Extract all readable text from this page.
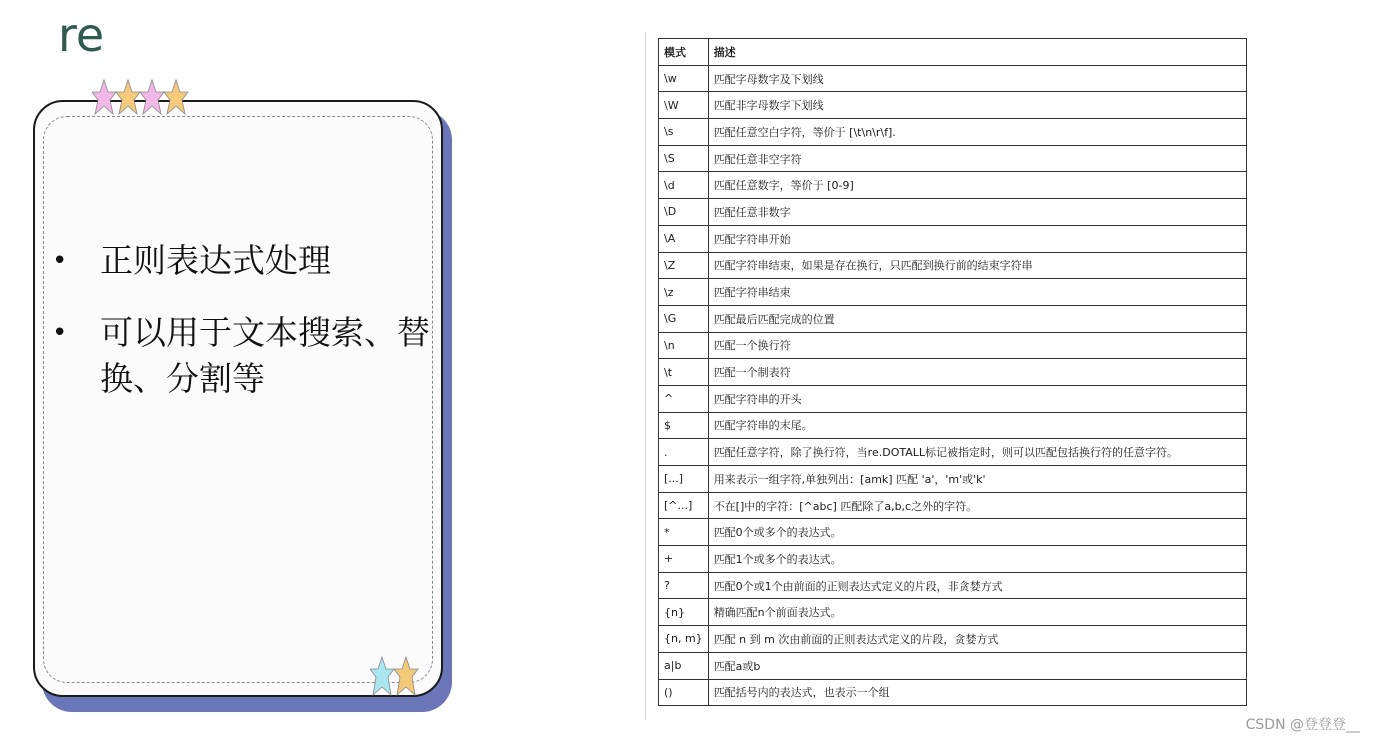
re
• 正则表达式处理
• 可以用于文本搜索、替换、分割等
模式	描述
\w	匹配字母数字及下划线
\W	匹配非字母数字下划线
\s	匹配任意空白字符，等价于 [\t\n\r\f].
\S	匹配任意非空字符
\d	匹配任意数字，等价于 [0-9]
\D	匹配任意非数字
\A	匹配字符串开始
\Z	匹配字符串结束，如果是存在换行，只匹配到换行前的结束字符串
\z	匹配字符串结束
\G	匹配最后匹配完成的位置
\n	匹配一个换行符
\t	匹配一个制表符
^	匹配字符串的开头
$	匹配字符串的末尾。
.	匹配任意字符，除了换行符，当re.DOTALL标记被指定时，则可以匹配包括换行符的任意字符。
[...]	用来表示一组字符,单独列出：[amk] 匹配 'a'，'m'或'k'
[^...]	不在[]中的字符：[^abc] 匹配除了a,b,c之外的字符。
*	匹配0个或多个的表达式。
+	匹配1个或多个的表达式。
?	匹配0个或1个由前面的正则表达式定义的片段，非贪婪方式
{n}	精确匹配n个前面表达式。
{n, m}	匹配 n 到 m 次由前面的正则表达式定义的片段，贪婪方式
a|b	匹配a或b
()	匹配括号内的表达式，也表示一个组
CSDN @登登登__
